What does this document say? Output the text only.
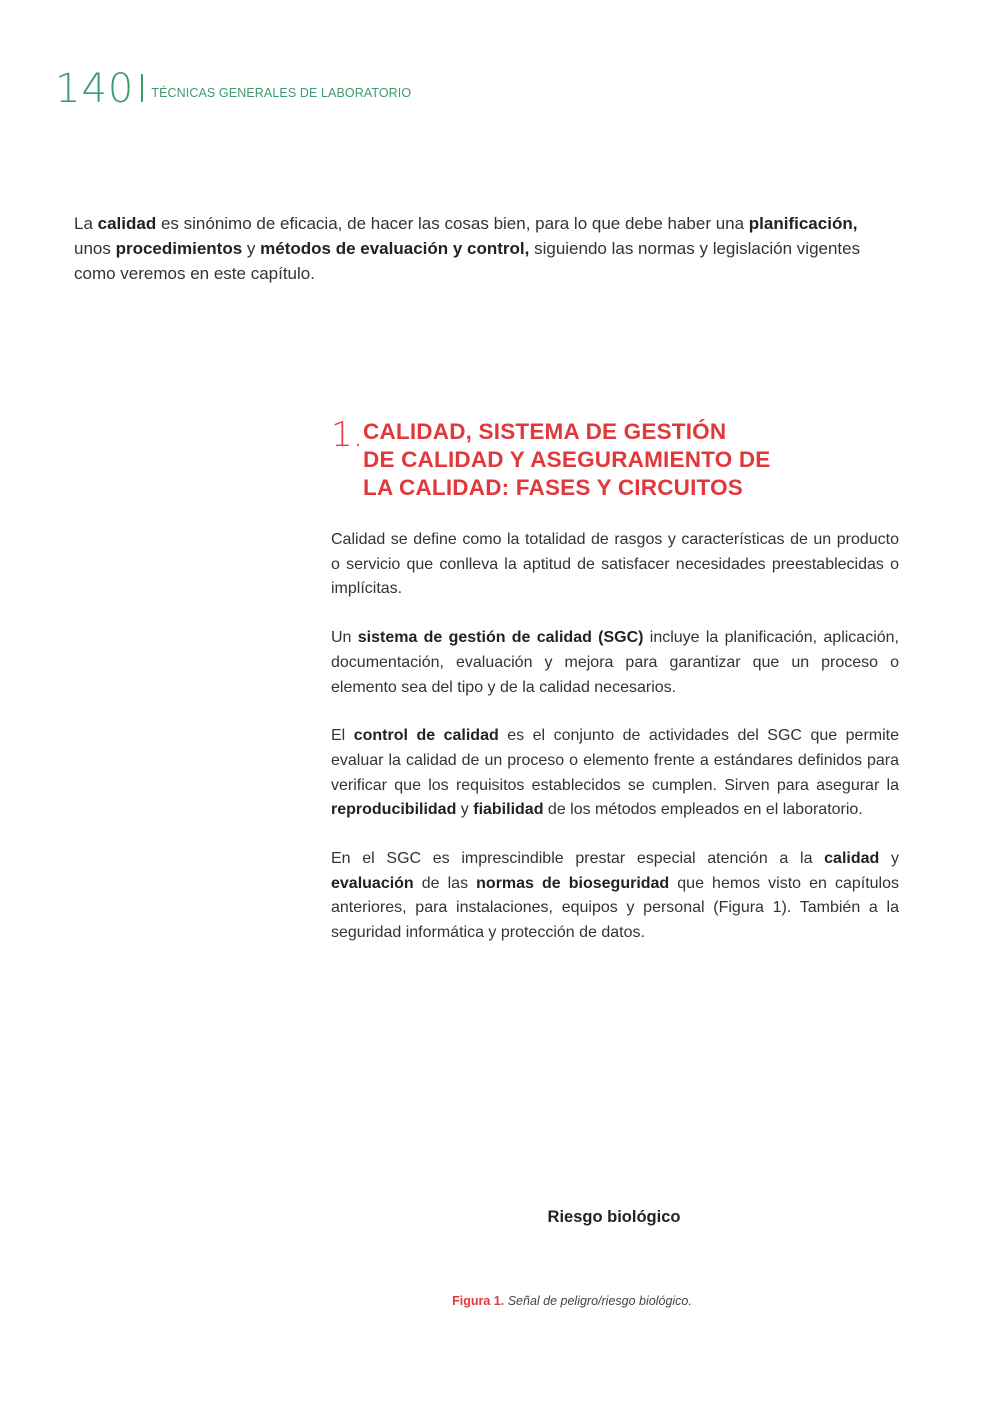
140 TÉCNICAS GENERALES DE LABORATORIO
La calidad es sinónimo de eficacia, de hacer las cosas bien, para lo que debe haber una planificación, unos procedimientos y métodos de evaluación y control, siguiendo las normas y legislación vigentes como veremos en este capítulo.
1. CALIDAD, SISTEMA DE GESTIÓN
DE CALIDAD Y ASEGURAMIENTO DE
LA CALIDAD: FASES Y CIRCUITOS

Calidad se define como la totalidad de rasgos y características de un producto o servicio que conlleva la aptitud de satisfacer necesidades preestablecidas o implícitas.

Un sistema de gestión de calidad (SGC) incluye la planificación, aplicación, documentación, evaluación y mejora para garantizar que un proceso o elemento sea del tipo y de la calidad necesarios.

El control de calidad es el conjunto de actividades del SGC que permite evaluar la calidad de un proceso o elemento frente a estándares definidos para verificar que los requisitos establecidos se cumplen. Sirven para asegurar la reproducibilidad y fiabilidad de los métodos empleados en el laboratorio.

En el SGC es imprescindible prestar especial atención a la calidad y evaluación de las normas de bioseguridad que hemos visto en capítulos anteriores, para instalaciones, equipos y personal (Figura 1). También a la seguridad informática y protección de datos.

Riesgo biológico
Figura 1. Señal de peligro/riesgo biológico.
